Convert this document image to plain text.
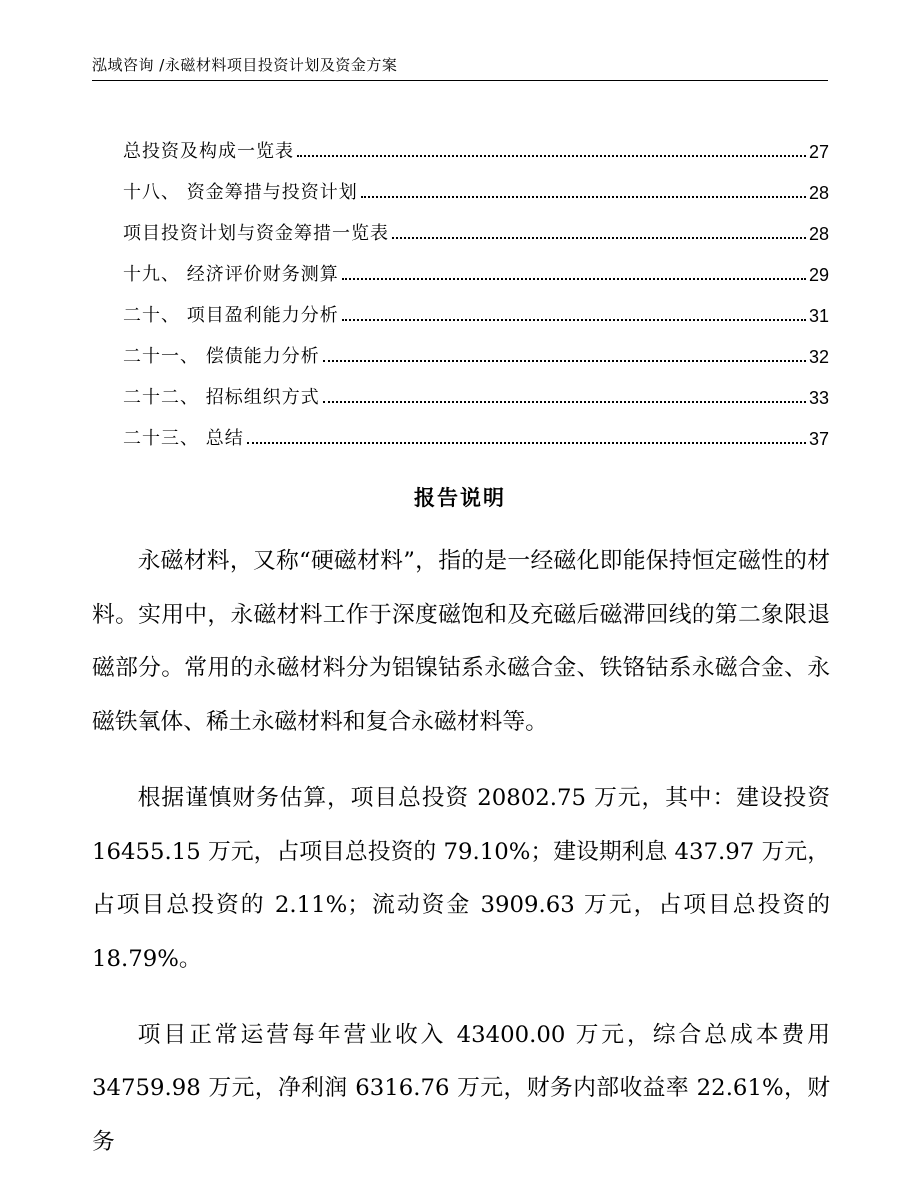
泓域咨询 /永磁材料项目投资计划及资金方案
总投资及构成一览表	27
十八、 资金筹措与投资计划	28
项目投资计划与资金筹措一览表	28
十九、 经济评价财务测算	29
二十、 项目盈利能力分析	31
二十一、 偿债能力分析	32
二十二、 招标组织方式	33
二十三、 总结	37
报告说明

永磁材料，又称“硬磁材料”，指的是一经磁化即能保持恒定磁性的材料。实用中，永磁材料工作于深度磁饱和及充磁后磁滞回线的第二象限退磁部分。常用的永磁材料分为铝镍钴系永磁合金、铁铬钴系永磁合金、永磁铁氧体、稀土永磁材料和复合永磁材料等。

根据谨慎财务估算，项目总投资 20802.75 万元，其中：建设投资 16455.15 万元，占项目总投资的 79.10%；建设期利息 437.97 万元，占项目总投资的 2.11%；流动资金 3909.63 万元，占项目总投资的 18.79%。

项目正常运营每年营业收入 43400.00 万元，综合总成本费用 34759.98 万元，净利润 6316.76 万元，财务内部收益率 22.61%，财务
